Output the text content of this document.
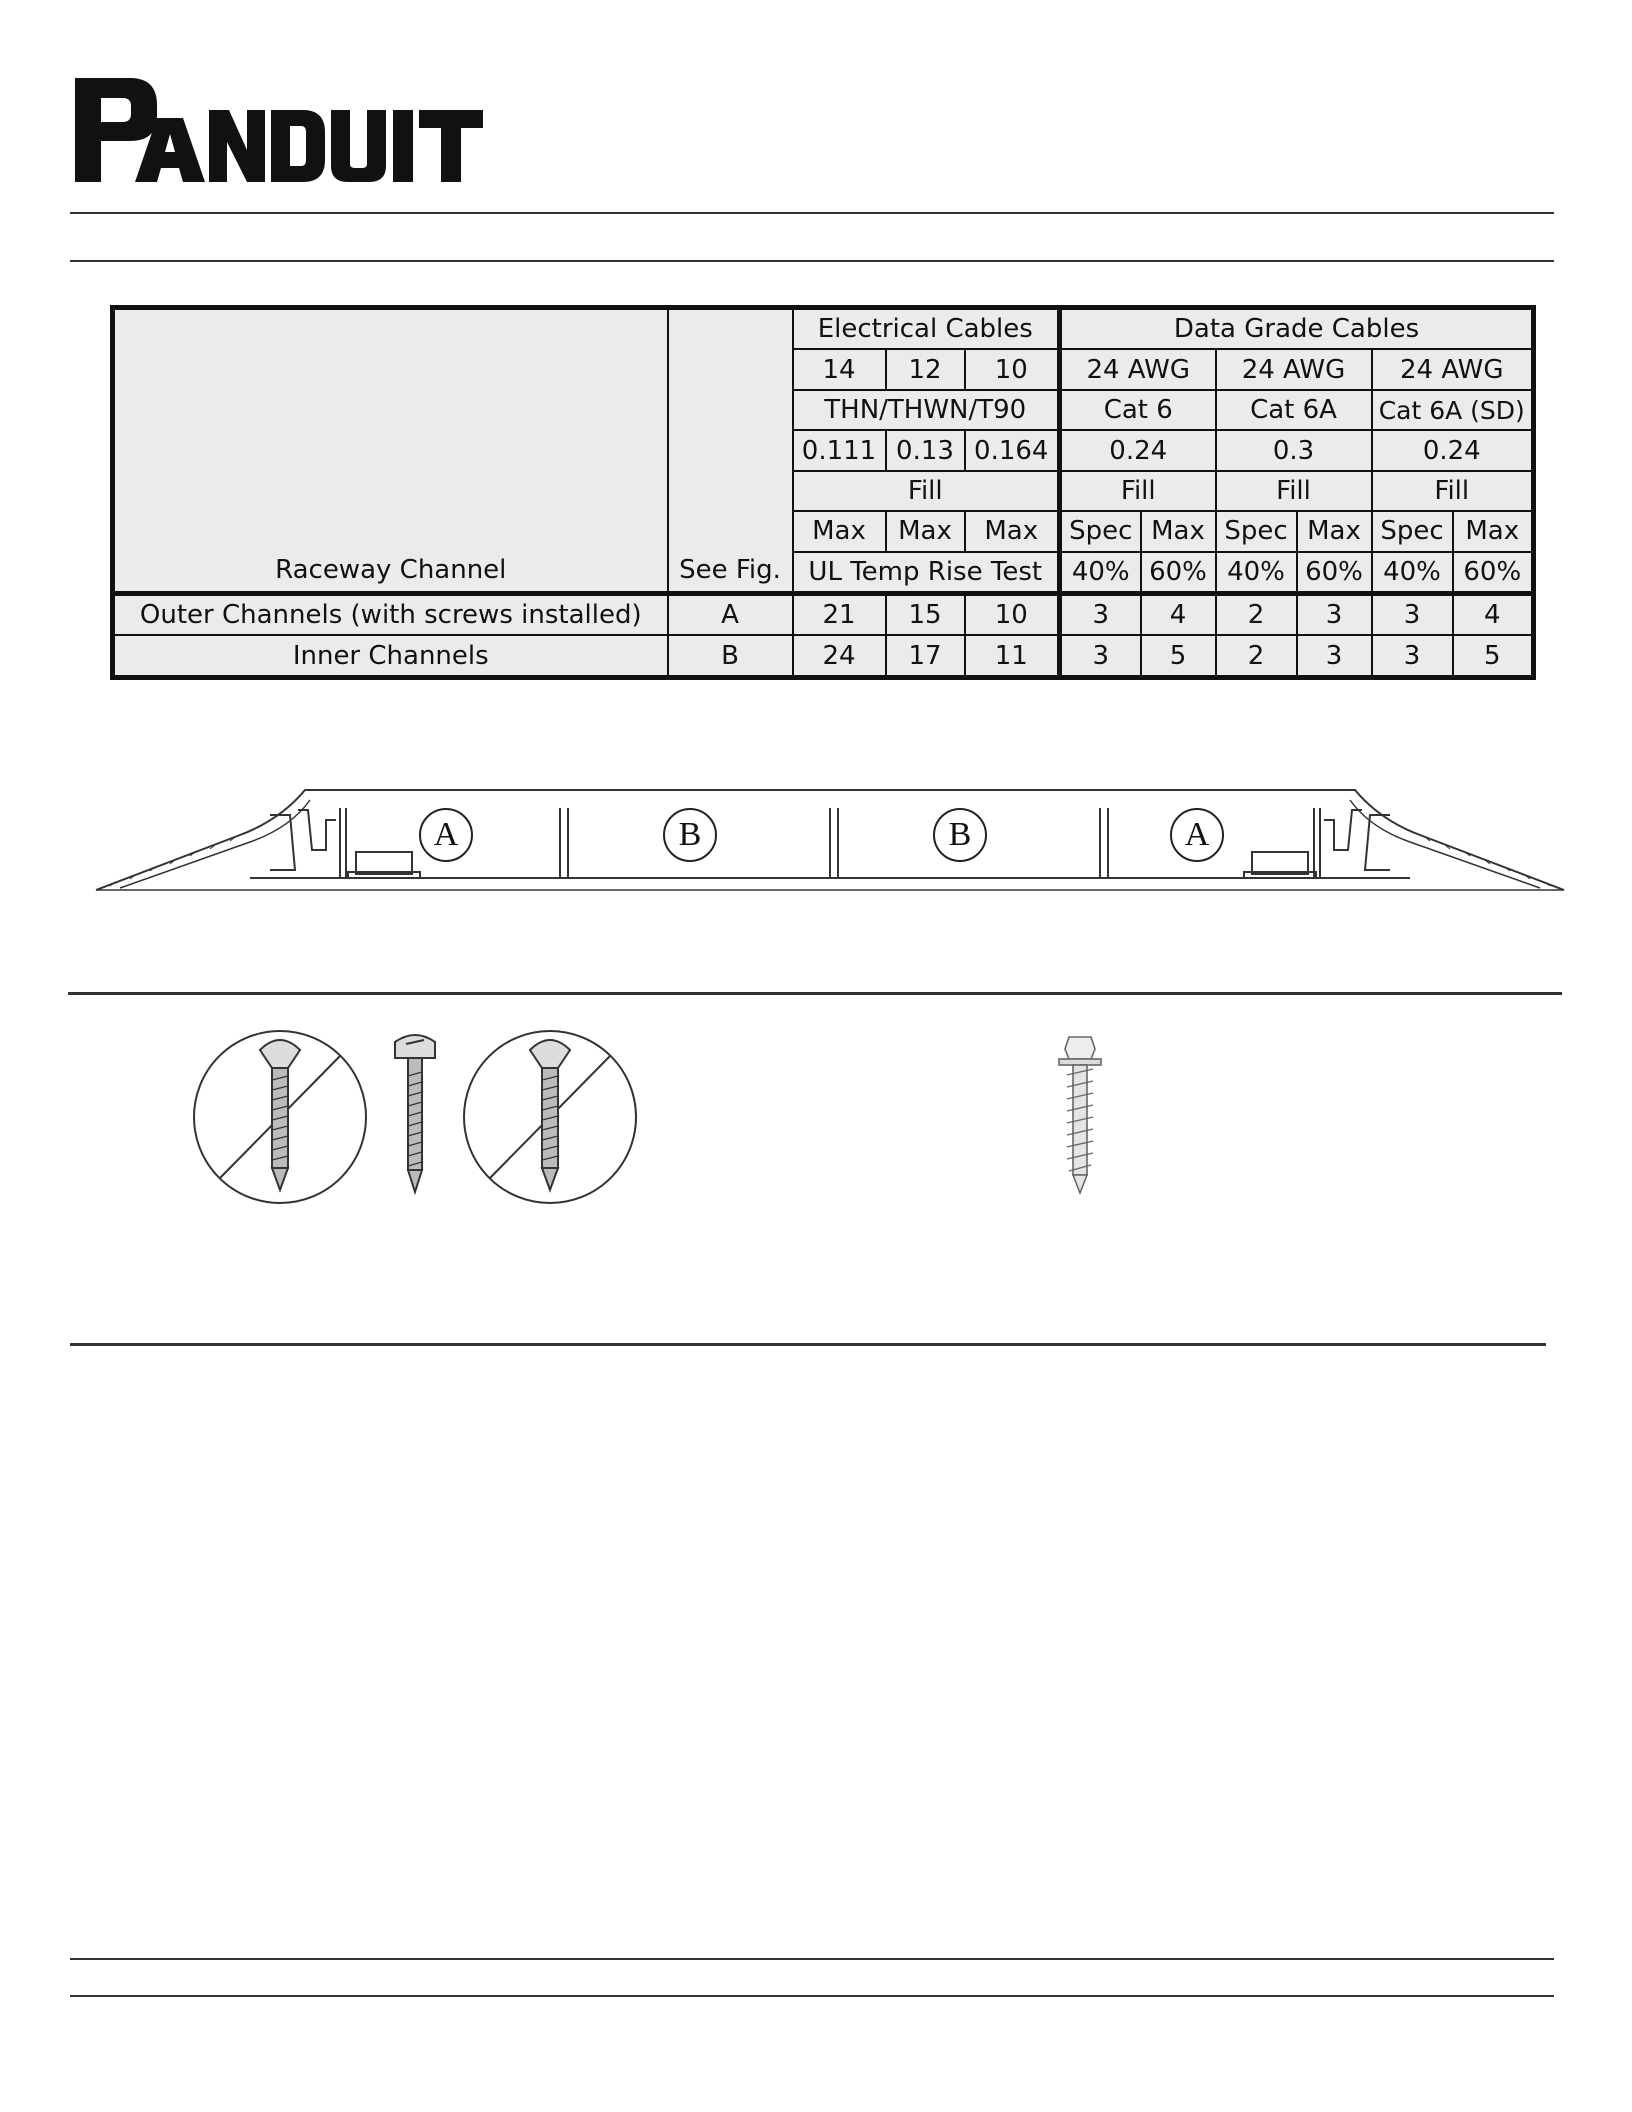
Raceway Channel	See Fig.	Electrical Cables			Data Grade Cables					
		14	12	10	24 AWG		24 AWG		24 AWG	
		THN/THWN/T90			Cat 6		Cat 6A		Cat 6A (SD)	
		0.111	0.13	0.164	0.24		0.3		0.24	
		Fill			Fill		Fill		Fill	
		Max	Max	Max	Spec	Max	Spec	Max	Spec	Max
		UL Temp Rise Test			40%	60%	40%	60%	40%	60%
Outer Channels (with screws installed)	A	21	15	10	3	4	2	3	3	4
Inner Channels	B	24	17	11	3	5	2	3	3	5
A	B	B	A
